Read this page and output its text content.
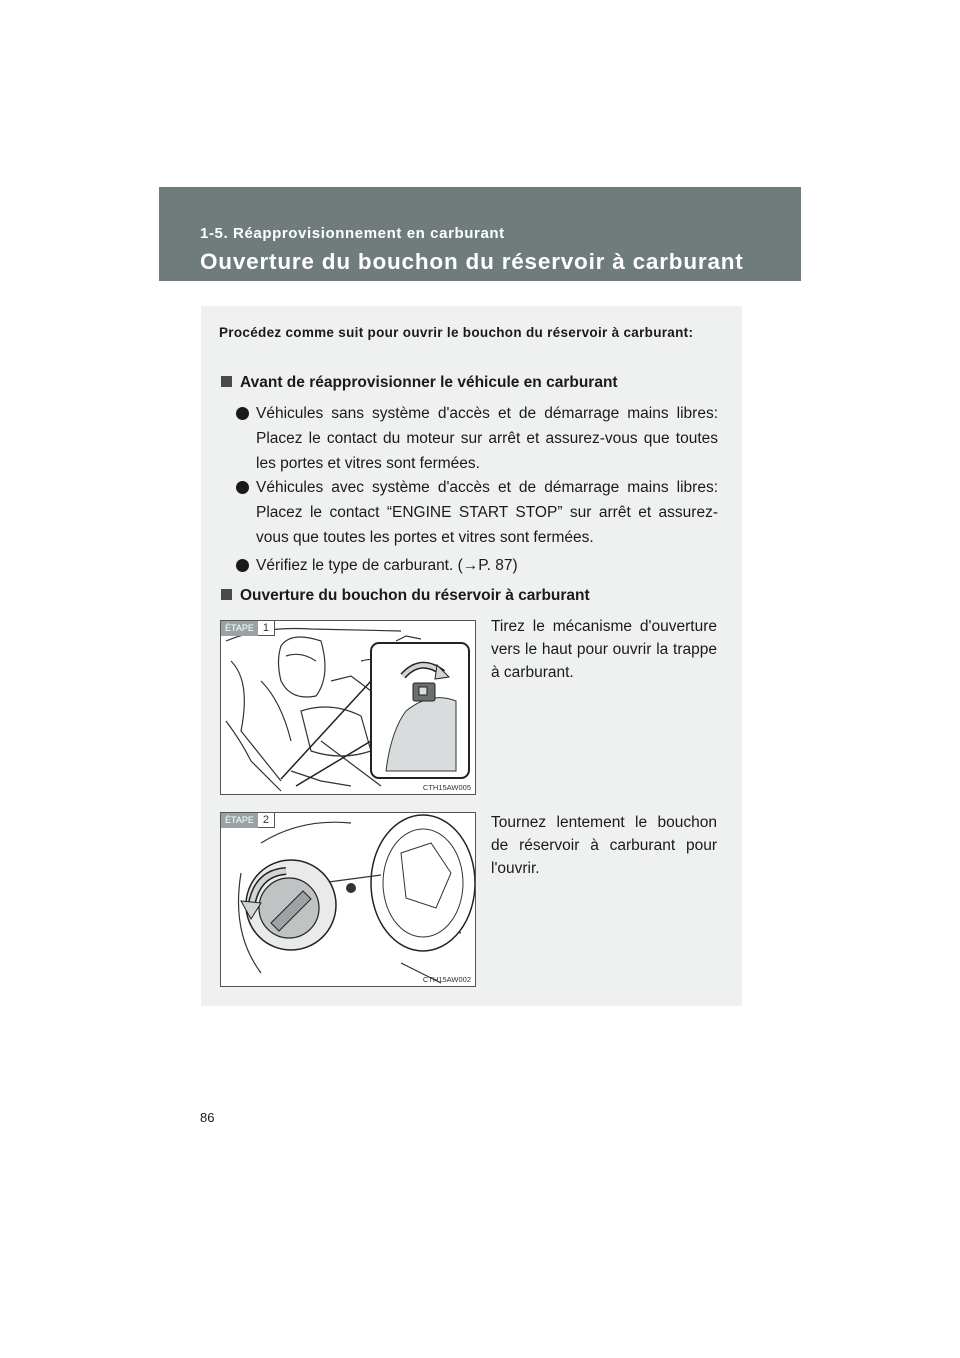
1-5. Réapprovisionnement en carburant
Ouverture du bouchon du réservoir à carburant
Procédez comme suit pour ouvrir le bouchon du réservoir à carburant:
Avant de réapprovisionner le véhicule en carburant
Véhicules sans système d'accès et de démarrage mains libres: Placez le contact du moteur sur arrêt et assurez-vous que toutes les portes et vitres sont fermées.
Véhicules avec système d'accès et de démarrage mains libres: Placez le contact “ENGINE START STOP” sur arrêt et assurez-vous que toutes les portes et vitres sont fermées.
Vérifiez le type de carburant. (→P. 87)
Ouverture du bouchon du réservoir à carburant
ÉTAPE 1
CTH15AW005
Tirez le mécanisme d'ouverture vers le haut pour ouvrir la trappe à carburant.
ÉTAPE 2
CTH15AW002
Tournez lentement le bouchon de réservoir à carburant pour l'ouvrir.
86
